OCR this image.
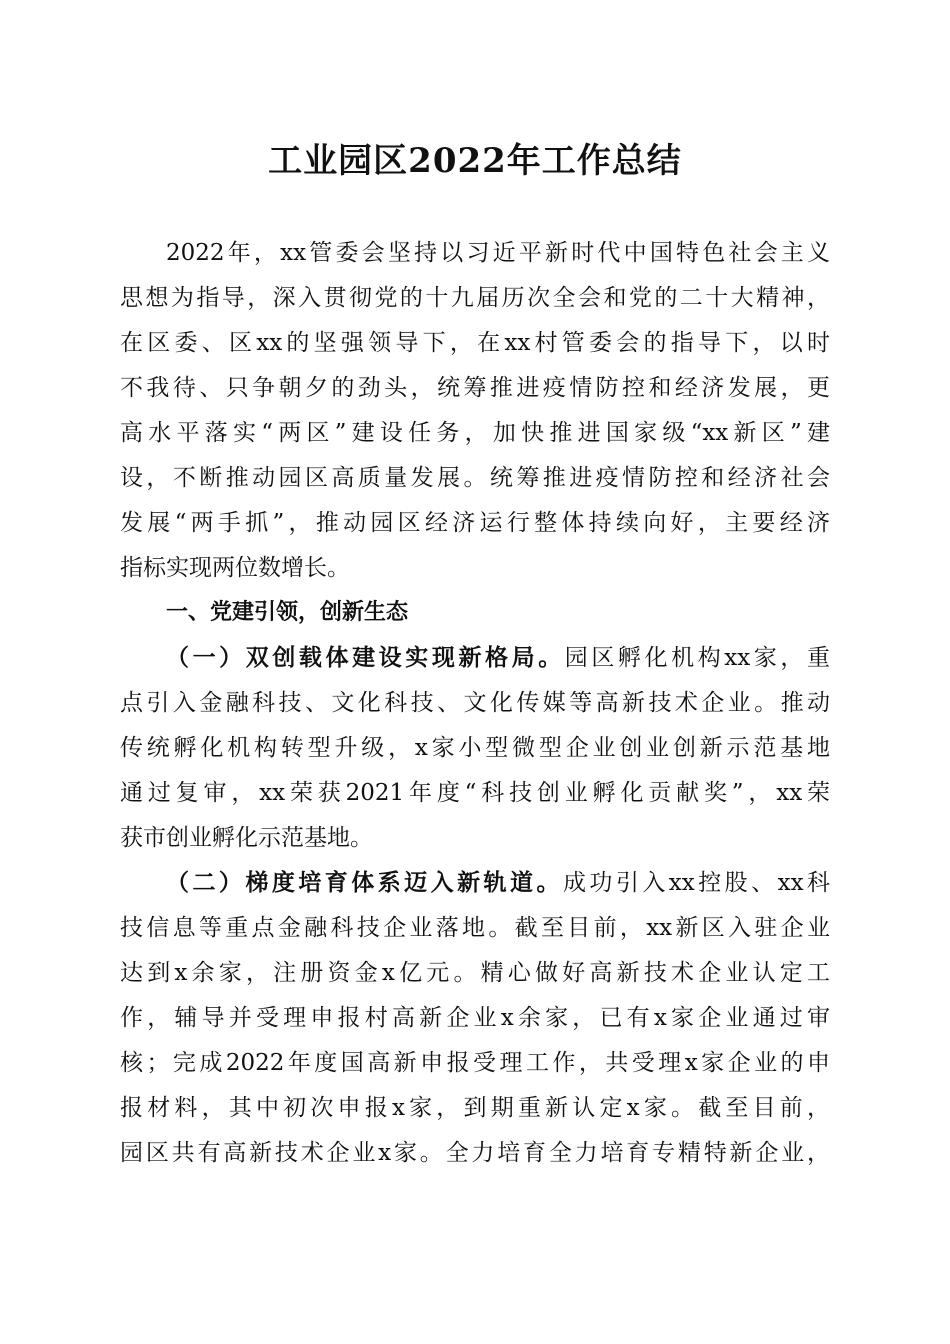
工业园区2022年工作总结
2022年，xx管委会坚持以习近平新时代中国特色社会主义
思想为指导，深入贯彻党的十九届历次全会和党的二十大精神，
在区委、区xx的坚强领导下，在xx村管委会的指导下，以时
不我待、只争朝夕的劲头，统筹推进疫情防控和经济发展，更
高水平落实“两区”建设任务，加快推进国家级“xx新区”建
设，不断推动园区高质量发展。统筹推进疫情防控和经济社会
发展“两手抓”，推动园区经济运行整体持续向好，主要经济
指标实现两位数增长。
一、党建引领，创新生态
（一）双创载体建设实现新格局。园区孵化机构xx家，重
点引入金融科技、文化科技、文化传媒等高新技术企业。推动
传统孵化机构转型升级，x家小型微型企业创业创新示范基地
通过复审，xx荣获2021年度“科技创业孵化贡献奖”，xx荣
获市创业孵化示范基地。
（二）梯度培育体系迈入新轨道。成功引入xx控股、xx科
技信息等重点金融科技企业落地。截至目前，xx新区入驻企业
达到x余家，注册资金x亿元。精心做好高新技术企业认定工
作，辅导并受理申报村高新企业x余家，已有x家企业通过审
核；完成2022年度国高新申报受理工作，共受理x家企业的申
报材料，其中初次申报x家，到期重新认定x家。截至目前，
园区共有高新技术企业x家。全力培育全力培育专精特新企业，
